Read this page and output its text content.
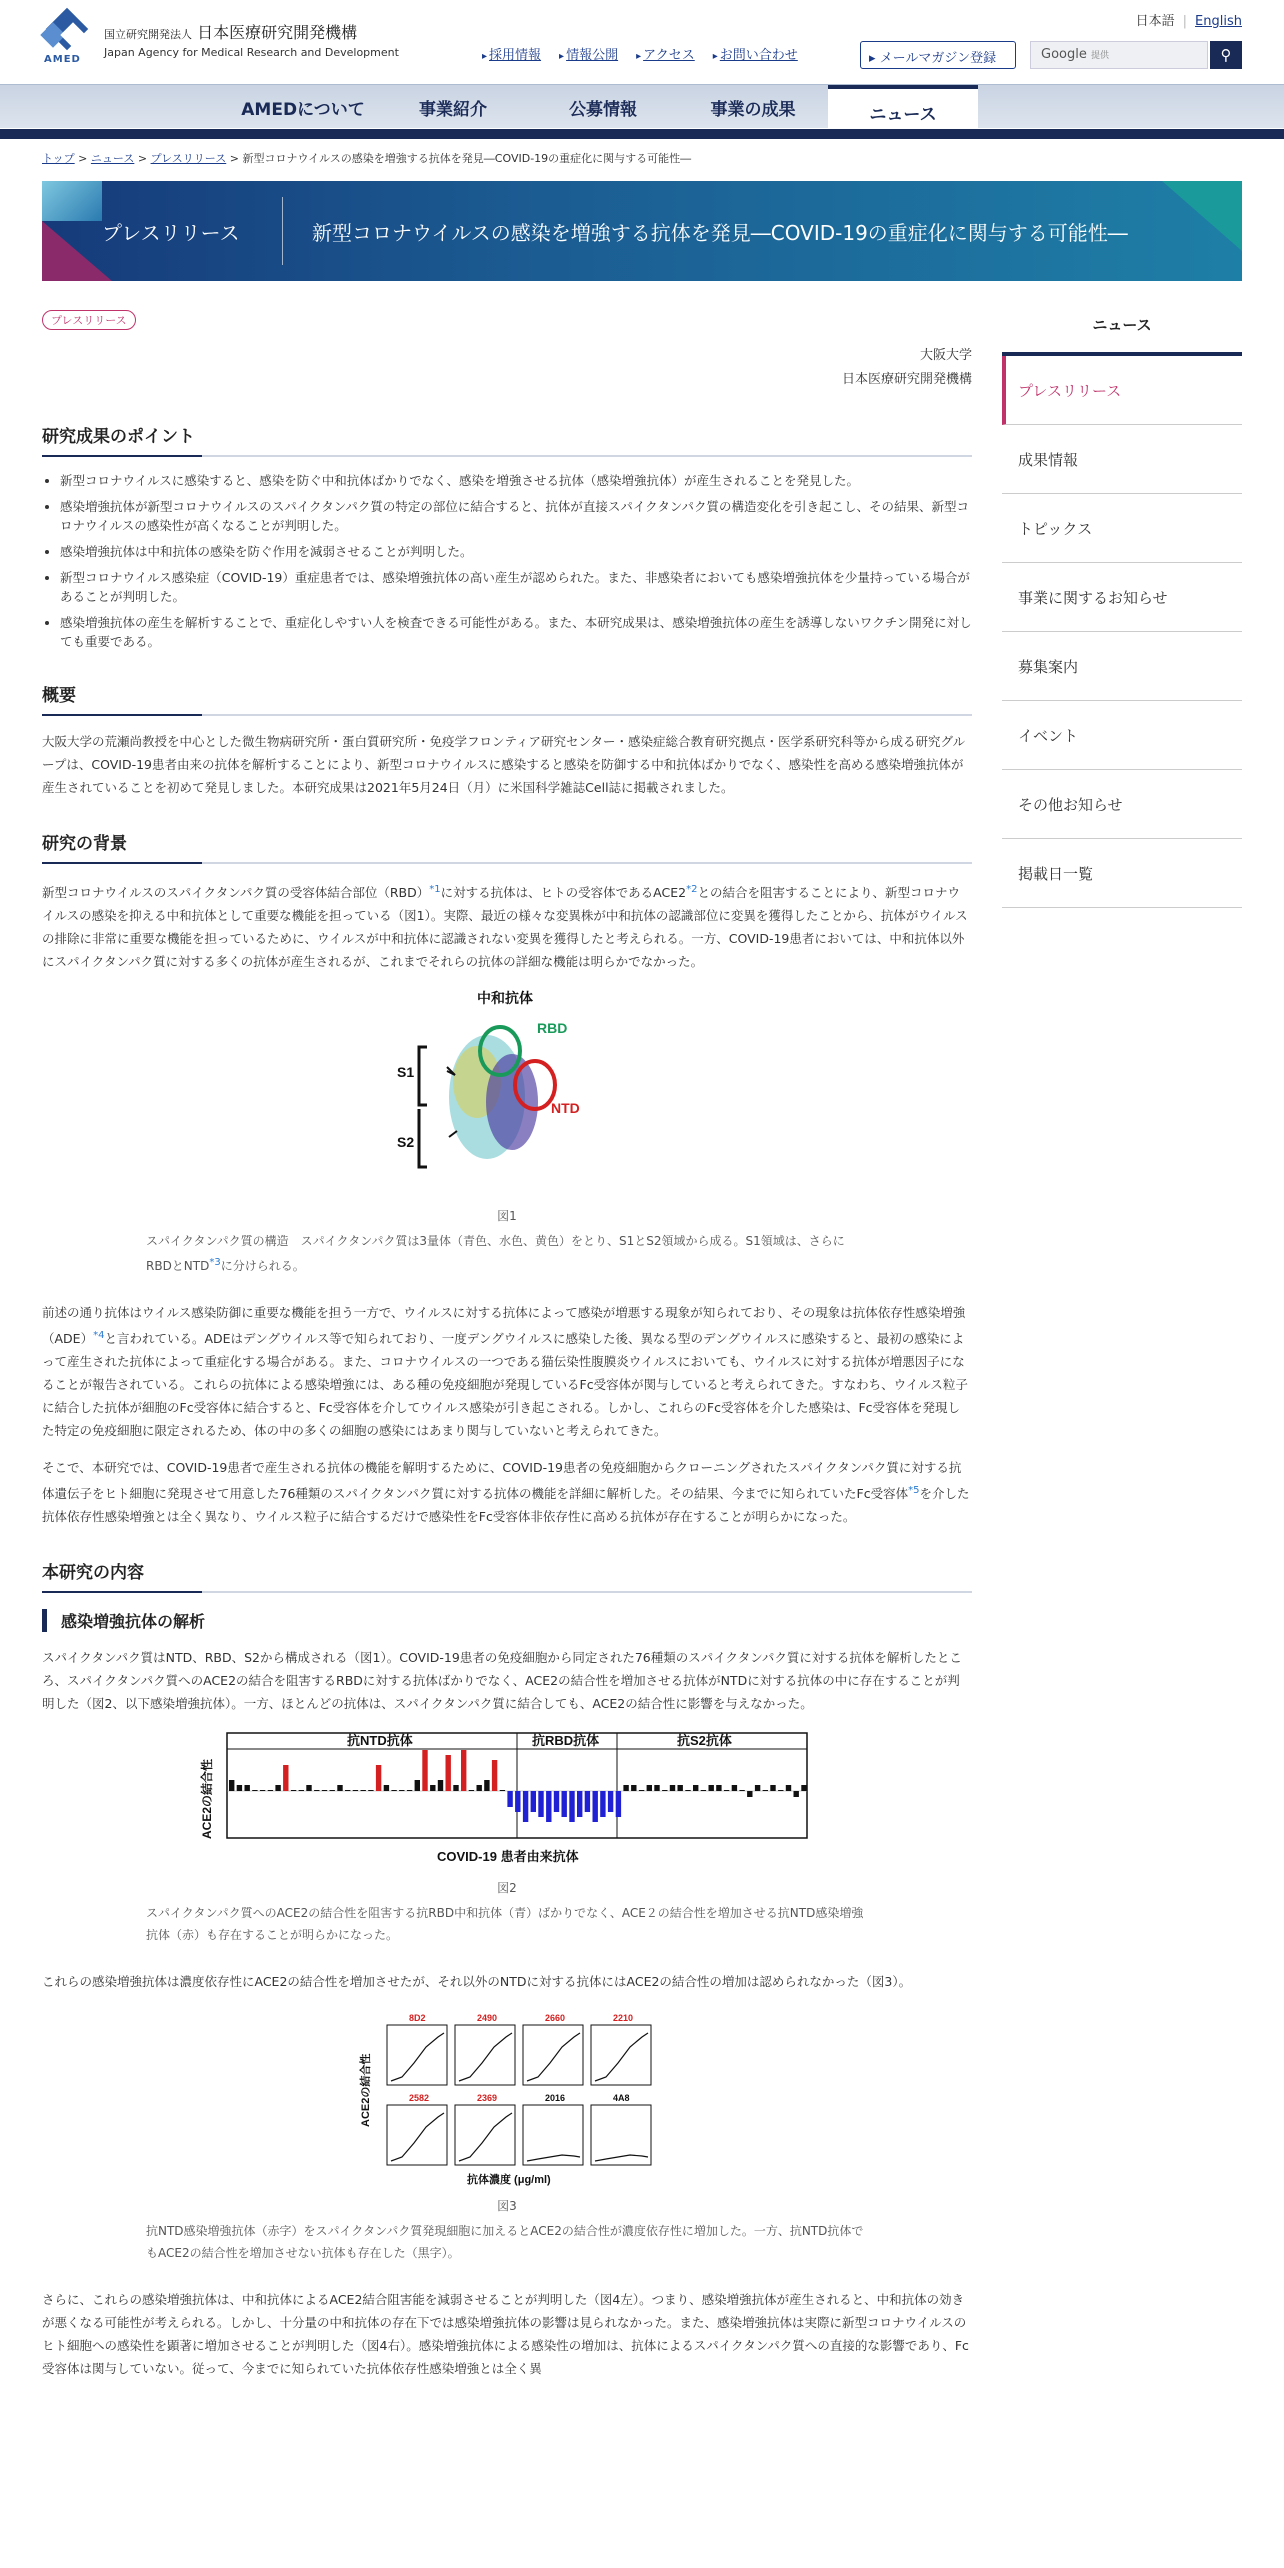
AMED
国立研究開発法人 日本医療研究開発機構
Japan Agency for Medical Research and Development
日本語 | English
▸ 採用情報	▸ 情報公開	▸ アクセス	▸ お問い合わせ	▸ メールマガジン登録	Google 提供	⚲
AMEDについて	事業紹介	公募情報	事業の成果	ニュース
トップ > ニュース > プレスリリース > 新型コロナウイルスの感染を増強する抗体を発見―COVID-19の重症化に関与する可能性―
プレスリリース	新型コロナウイルスの感染を増強する抗体を発見―COVID-19の重症化に関与する可能性―
プレスリリース
大阪大学
日本医療研究開発機構
研究成果のポイント
• 新型コロナウイルスに感染すると、感染を防ぐ中和抗体ばかりでなく、感染を増強させる抗体（感染増強抗体）が産生されることを発見した。
• 感染増強抗体が新型コロナウイルスのスパイクタンパク質の特定の部位に結合すると、抗体が直接スパイクタンパク質の構造変化を引き起こし、その結果、新型コロナウイルスの感染性が高くなることが判明した。
• 感染増強抗体は中和抗体の感染を防ぐ作用を減弱させることが判明した。
• 新型コロナウイルス感染症（COVID-19）重症患者では、感染増強抗体の高い産生が認められた。また、非感染者においても感染増強抗体を少量持っている場合があることが判明した。
• 感染増強抗体の産生を解析することで、重症化しやすい人を検査できる可能性がある。また、本研究成果は、感染増強抗体の産生を誘導しないワクチン開発に対しても重要である。
概要

大阪大学の荒瀬尚教授を中心とした微生物病研究所・蛋白質研究所・免疫学フロンティア研究センター・感染症総合教育研究拠点・医学系研究科等から成る研究グループは、COVID-19患者由来の抗体を解析することにより、新型コロナウイルスに感染すると感染を防御する中和抗体ばかりでなく、感染性を高める感染増強抗体が産生されていることを初めて発見しました。本研究成果は2021年5月24日（月）に米国科学雑誌Cell誌に掲載されました。

研究の背景

新型コロナウイルスのスパイクタンパク質の受容体結合部位（RBD）$^{*1}$に対する抗体は、ヒトの受容体であるACE2$^{*2}$との結合を阻害することにより、新型コロナウイルスの感染を抑える中和抗体として重要な機能を担っている（図1）。実際、最近の様々な変異株が中和抗体の認識部位に変異を獲得したことから、抗体がウイルスの排除に非常に重要な機能を担っているために、ウイルスが中和抗体に認識されない変異を獲得したと考えられる。一方、COVID-19患者においては、中和抗体以外にスパイクタンパク質に対する多くの抗体が産生されるが、これまでそれらの抗体の詳細な機能は明らかでなかった。

中和抗体
RBD
NTD
S1
S2
図1

スパイクタンパク質の構造　スパイクタンパク質は3量体（青色、水色、黄色）をとり、S1とS2領域から成る。S1領域は、さらにRBDとNTD$^{*3}$に分けられる。

前述の通り抗体はウイルス感染防御に重要な機能を担う一方で、ウイルスに対する抗体によって感染が増悪する現象が知られており、その現象は抗体依存性感染増強（ADE）$^{*4}$と言われている。ADEはデングウイルス等で知られており、一度デングウイルスに感染した後、異なる型のデングウイルスに感染すると、最初の感染によって産生された抗体によって重症化する場合がある。また、コロナウイルスの一つである猫伝染性腹膜炎ウイルスにおいても、ウイルスに対する抗体が増悪因子になることが報告されている。これらの抗体による感染増強には、ある種の免疫細胞が発現しているFc受容体が関与していると考えられてきた。すなわち、ウイルス粒子に結合した抗体が細胞のFc受容体に結合すると、Fc受容体を介してウイルス感染が引き起こされる。しかし、これらのFc受容体を介した感染は、Fc受容体を発現した特定の免疫細胞に限定されるため、体の中の多くの細胞の感染にはあまり関与していないと考えられてきた。

そこで、本研究では、COVID-19患者で産生される抗体の機能を解明するために、COVID-19患者の免疫細胞からクローニングされたスパイクタンパク質に対する抗体遺伝子をヒト細胞に発現させて用意した76種類のスパイクタンパク質に対する抗体の機能を詳細に解析した。その結果、今までに知られていたFc受容体$^{*5}$を介した抗体依存性感染増強とは全く異なり、ウイルス粒子に結合するだけで感染性をFc受容体非依存性に高める抗体が存在することが明らかになった。

本研究の内容
感染増強抗体の解析

スパイクタンパク質はNTD、RBD、S2から構成される（図1）。COVID-19患者の免疫細胞から同定された76種類のスパイクタンパク質に対する抗体を解析したところ、スパイクタンパク質へのACE2の結合を阻害するRBDに対する抗体ばかりでなく、ACE2の結合性を増加させる抗体がNTDに対する抗体の中に存在することが判明した（図2、以下感染増強抗体）。一方、ほとんどの抗体は、スパイクタンパク質に結合しても、ACE2の結合性に影響を与えなかった。

抗NTD抗体	抗RBD抗体	抗S2抗体
ACE2の結合性
COVID-19 患者由来抗体
図2

スパイクタンパク質へのACE2の結合性を阻害する抗RBD中和抗体（青）ばかりでなく、ACE２の結合性を増加させる抗NTD感染増強抗体（赤）も存在することが明らかになった。

これらの感染増強抗体は濃度依存性にACE2の結合性を増加させたが、それ以外のNTDに対する抗体にはACE2の結合性の増加は認められなかった（図3）。

ACE2の結合性
8D2	2490	2660	2210
2582	2369	2016	4A8
抗体濃度 (μg/ml)
図3

抗NTD感染増強抗体（赤字）をスパイクタンパク質発現細胞に加えるとACE2の結合性が濃度依存性に増加した。一方、抗NTD抗体でもACE2の結合性を増加させない抗体も存在した（黒字）。

さらに、これらの感染増強抗体は、中和抗体によるACE2結合阻害能を減弱させることが判明した（図4左）。つまり、感染増強抗体が産生されると、中和抗体の効きが悪くなる可能性が考えられる。しかし、十分量の中和抗体の存在下では感染増強抗体の影響は見られなかった。また、感染増強抗体は実際に新型コロナウイルスのヒト細胞への感染性を顕著に増加させることが判明した（図4右）。感染増強抗体による感染性の増加は、抗体によるスパイクタンパク質への直接的な影響であり、Fc受容体は関与していない。従って、今までに知られていた抗体依存性感染増強とは全く異

ニュース
プレスリリース
成果情報
トピックス
事業に関するお知らせ
募集案内
イベント
その他お知らせ
掲載日一覧
